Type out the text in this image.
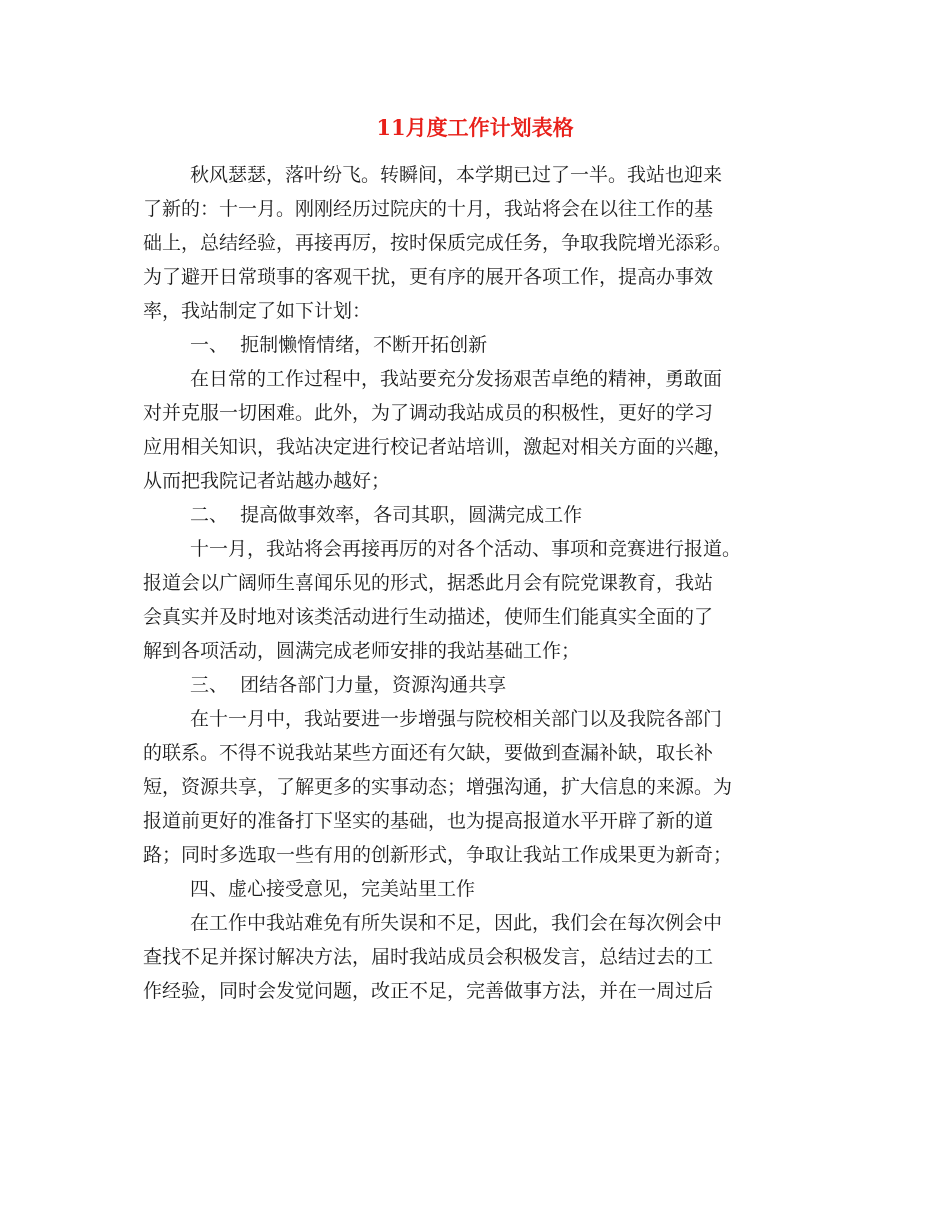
11月度工作计划表格

秋风瑟瑟，落叶纷飞。转瞬间，本学期已过了一半。我站也迎来

了新的：十一月。刚刚经历过院庆的十月，我站将会在以往工作的基

础上，总结经验，再接再厉，按时保质完成任务，争取我院增光添彩。

为了避开日常琐事的客观干扰，更有序的展开各项工作，提高办事效

率，我站制定了如下计划：

一、  扼制懒惰情绪，不断开拓创新

在日常的工作过程中，我站要充分发扬艰苦卓绝的精神，勇敢面

对并克服一切困难。此外，为了调动我站成员的积极性，更好的学习

应用相关知识，我站决定进行校记者站培训，激起对相关方面的兴趣，

从而把我院记者站越办越好；

二、  提高做事效率，各司其职，圆满完成工作

十一月，我站将会再接再厉的对各个活动、事项和竞赛进行报道。

报道会以广阔师生喜闻乐见的形式，据悉此月会有院党课教育，我站

会真实并及时地对该类活动进行生动描述，使师生们能真实全面的了

解到各项活动，圆满完成老师安排的我站基础工作；

三、  团结各部门力量，资源沟通共享

在十一月中，我站要进一步增强与院校相关部门以及我院各部门

的联系。不得不说我站某些方面还有欠缺，要做到查漏补缺，取长补

短，资源共享，了解更多的实事动态；增强沟通，扩大信息的来源。为

报道前更好的准备打下坚实的基础，也为提高报道水平开辟了新的道

路；同时多选取一些有用的创新形式，争取让我站工作成果更为新奇；

四、虚心接受意见，完美站里工作

在工作中我站难免有所失误和不足，因此，我们会在每次例会中

查找不足并探讨解决方法，届时我站成员会积极发言，总结过去的工

作经验，同时会发觉问题，改正不足，完善做事方法，并在一周过后
